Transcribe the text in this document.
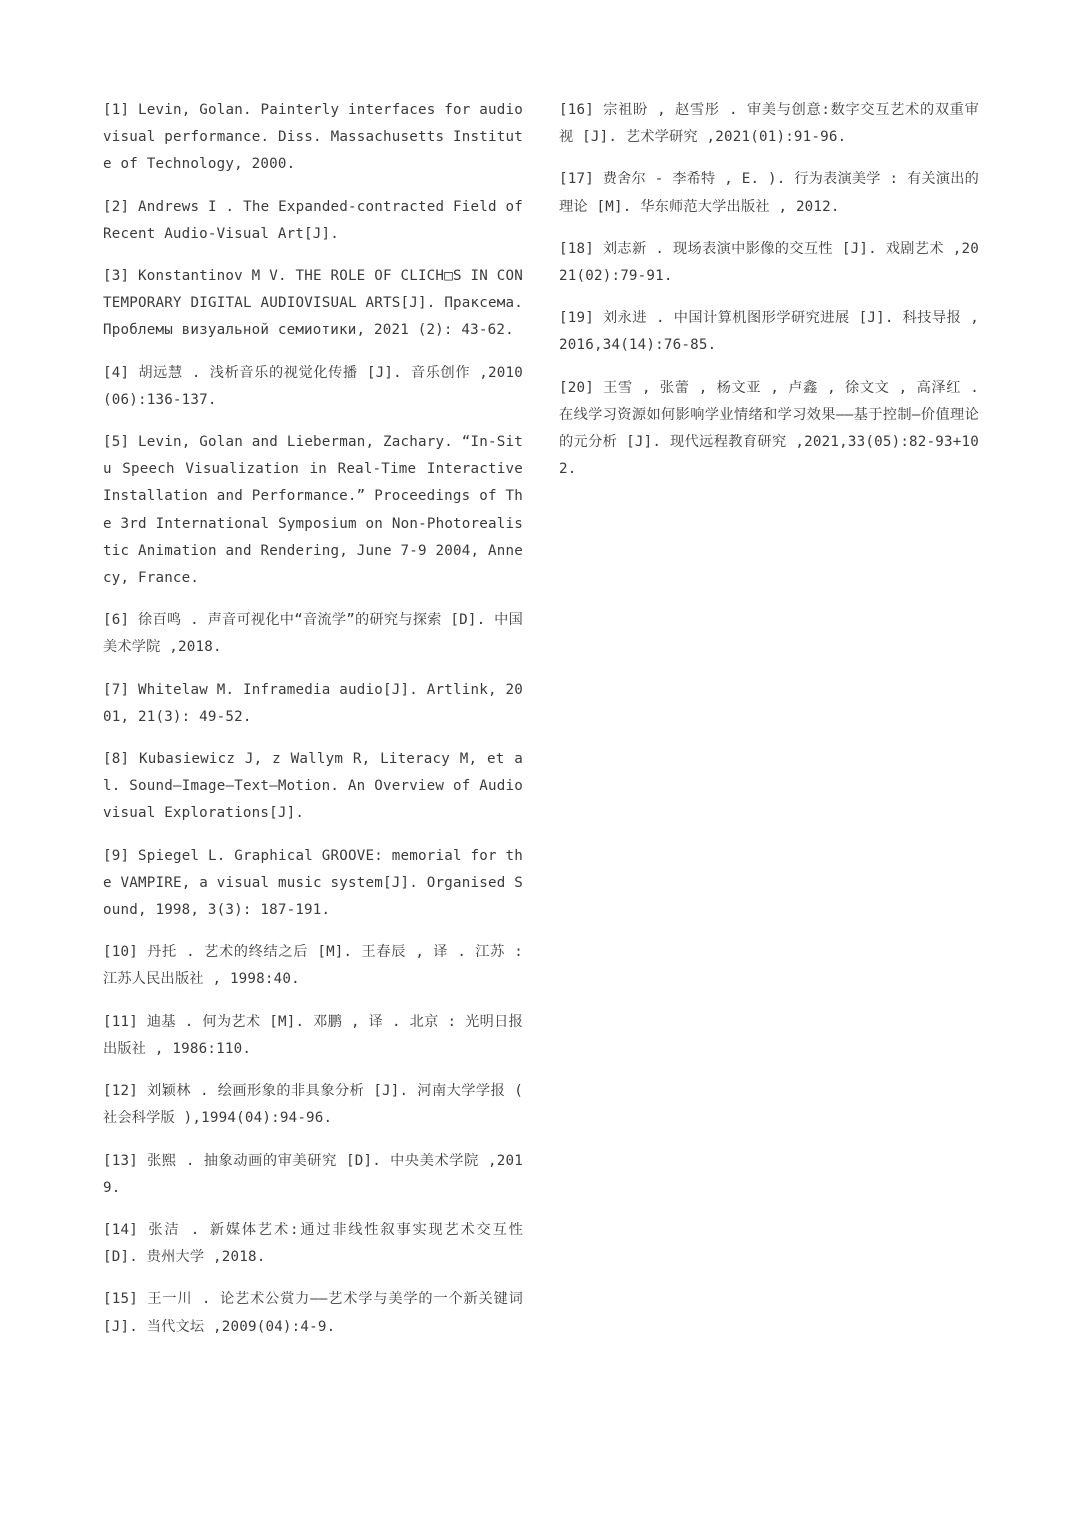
[1] Levin, Golan. Painterly interfaces for audiovisual performance. Diss. Massachusetts Institute of Technology, 2000.

[2] Andrews I . The Expanded-contracted Field of Recent Audio-Visual Art[J].

[3] Konstantinov M V. THE ROLE OF CLICH□S IN CONTEMPORARY DIGITAL AUDIOVISUAL ARTS[J]. Праксема. Проблемы визуальной семиотики, 2021 (2): 43-62.

[4] 胡远慧 . 浅析音乐的视觉化传播 [J]. 音乐创作 ,2010(06):136-137.

[5] Levin, Golan and Lieberman, Zachary. “In-Situ Speech Visualization in Real-Time Interactive Installation and Performance.” Proceedings of The 3rd International Symposium on Non-Photorealistic Animation and Rendering, June 7-9 2004, Annecy, France.

[6] 徐百鸣 . 声音可视化中“音流学”的研究与探索 [D]. 中国美术学院 ,2018.

[7] Whitelaw M. Inframedia audio[J]. Artlink, 2001, 21(3): 49-52.

[8] Kubasiewicz J, z Wallym R, Literacy M, et al. Sound—Image—Text—Motion. An Overview of Audiovisual Explorations[J].

[9] Spiegel L. Graphical GROOVE: memorial for the VAMPIRE, a visual music system[J]. Organised Sound, 1998, 3(3): 187-191.

[10] 丹托 . 艺术的终结之后 [M]. 王春辰 , 译 . 江苏 : 江苏人民出版社 , 1998:40.

[11] 迪基 . 何为艺术 [M]. 邓鹏 , 译 . 北京 : 光明日报出版社 , 1986:110.

[12] 刘颖林 . 绘画形象的非具象分析 [J]. 河南大学学报 ( 社会科学版 ),1994(04):94-96.

[13] 张熙 . 抽象动画的审美研究 [D]. 中央美术学院 ,2019.

[14] 张洁 . 新媒体艺术:通过非线性叙事实现艺术交互性 [D]. 贵州大学 ,2018.

[15] 王一川 . 论艺术公赏力——艺术学与美学的一个新关键词 [J]. 当代文坛 ,2009(04):4-9.

[16] 宗祖盼 , 赵雪彤 . 审美与创意:数字交互艺术的双重审视 [J]. 艺术学研究 ,2021(01):91-96.

[17] 费舍尔 - 李希特 , E. ). 行为表演美学 : 有关演出的理论 [M]. 华东师范大学出版社 , 2012.

[18] 刘志新 . 现场表演中影像的交互性 [J]. 戏剧艺术 ,2021(02):79-91.

[19] 刘永进 . 中国计算机图形学研究进展 [J]. 科技导报 ,2016,34(14):76-85.

[20] 王雪 , 张蕾 , 杨文亚 , 卢鑫 , 徐文文 , 高泽红 . 在线学习资源如何影响学业情绪和学习效果——基于控制—价值理论的元分析 [J]. 现代远程教育研究 ,2021,33(05):82-93+102.
